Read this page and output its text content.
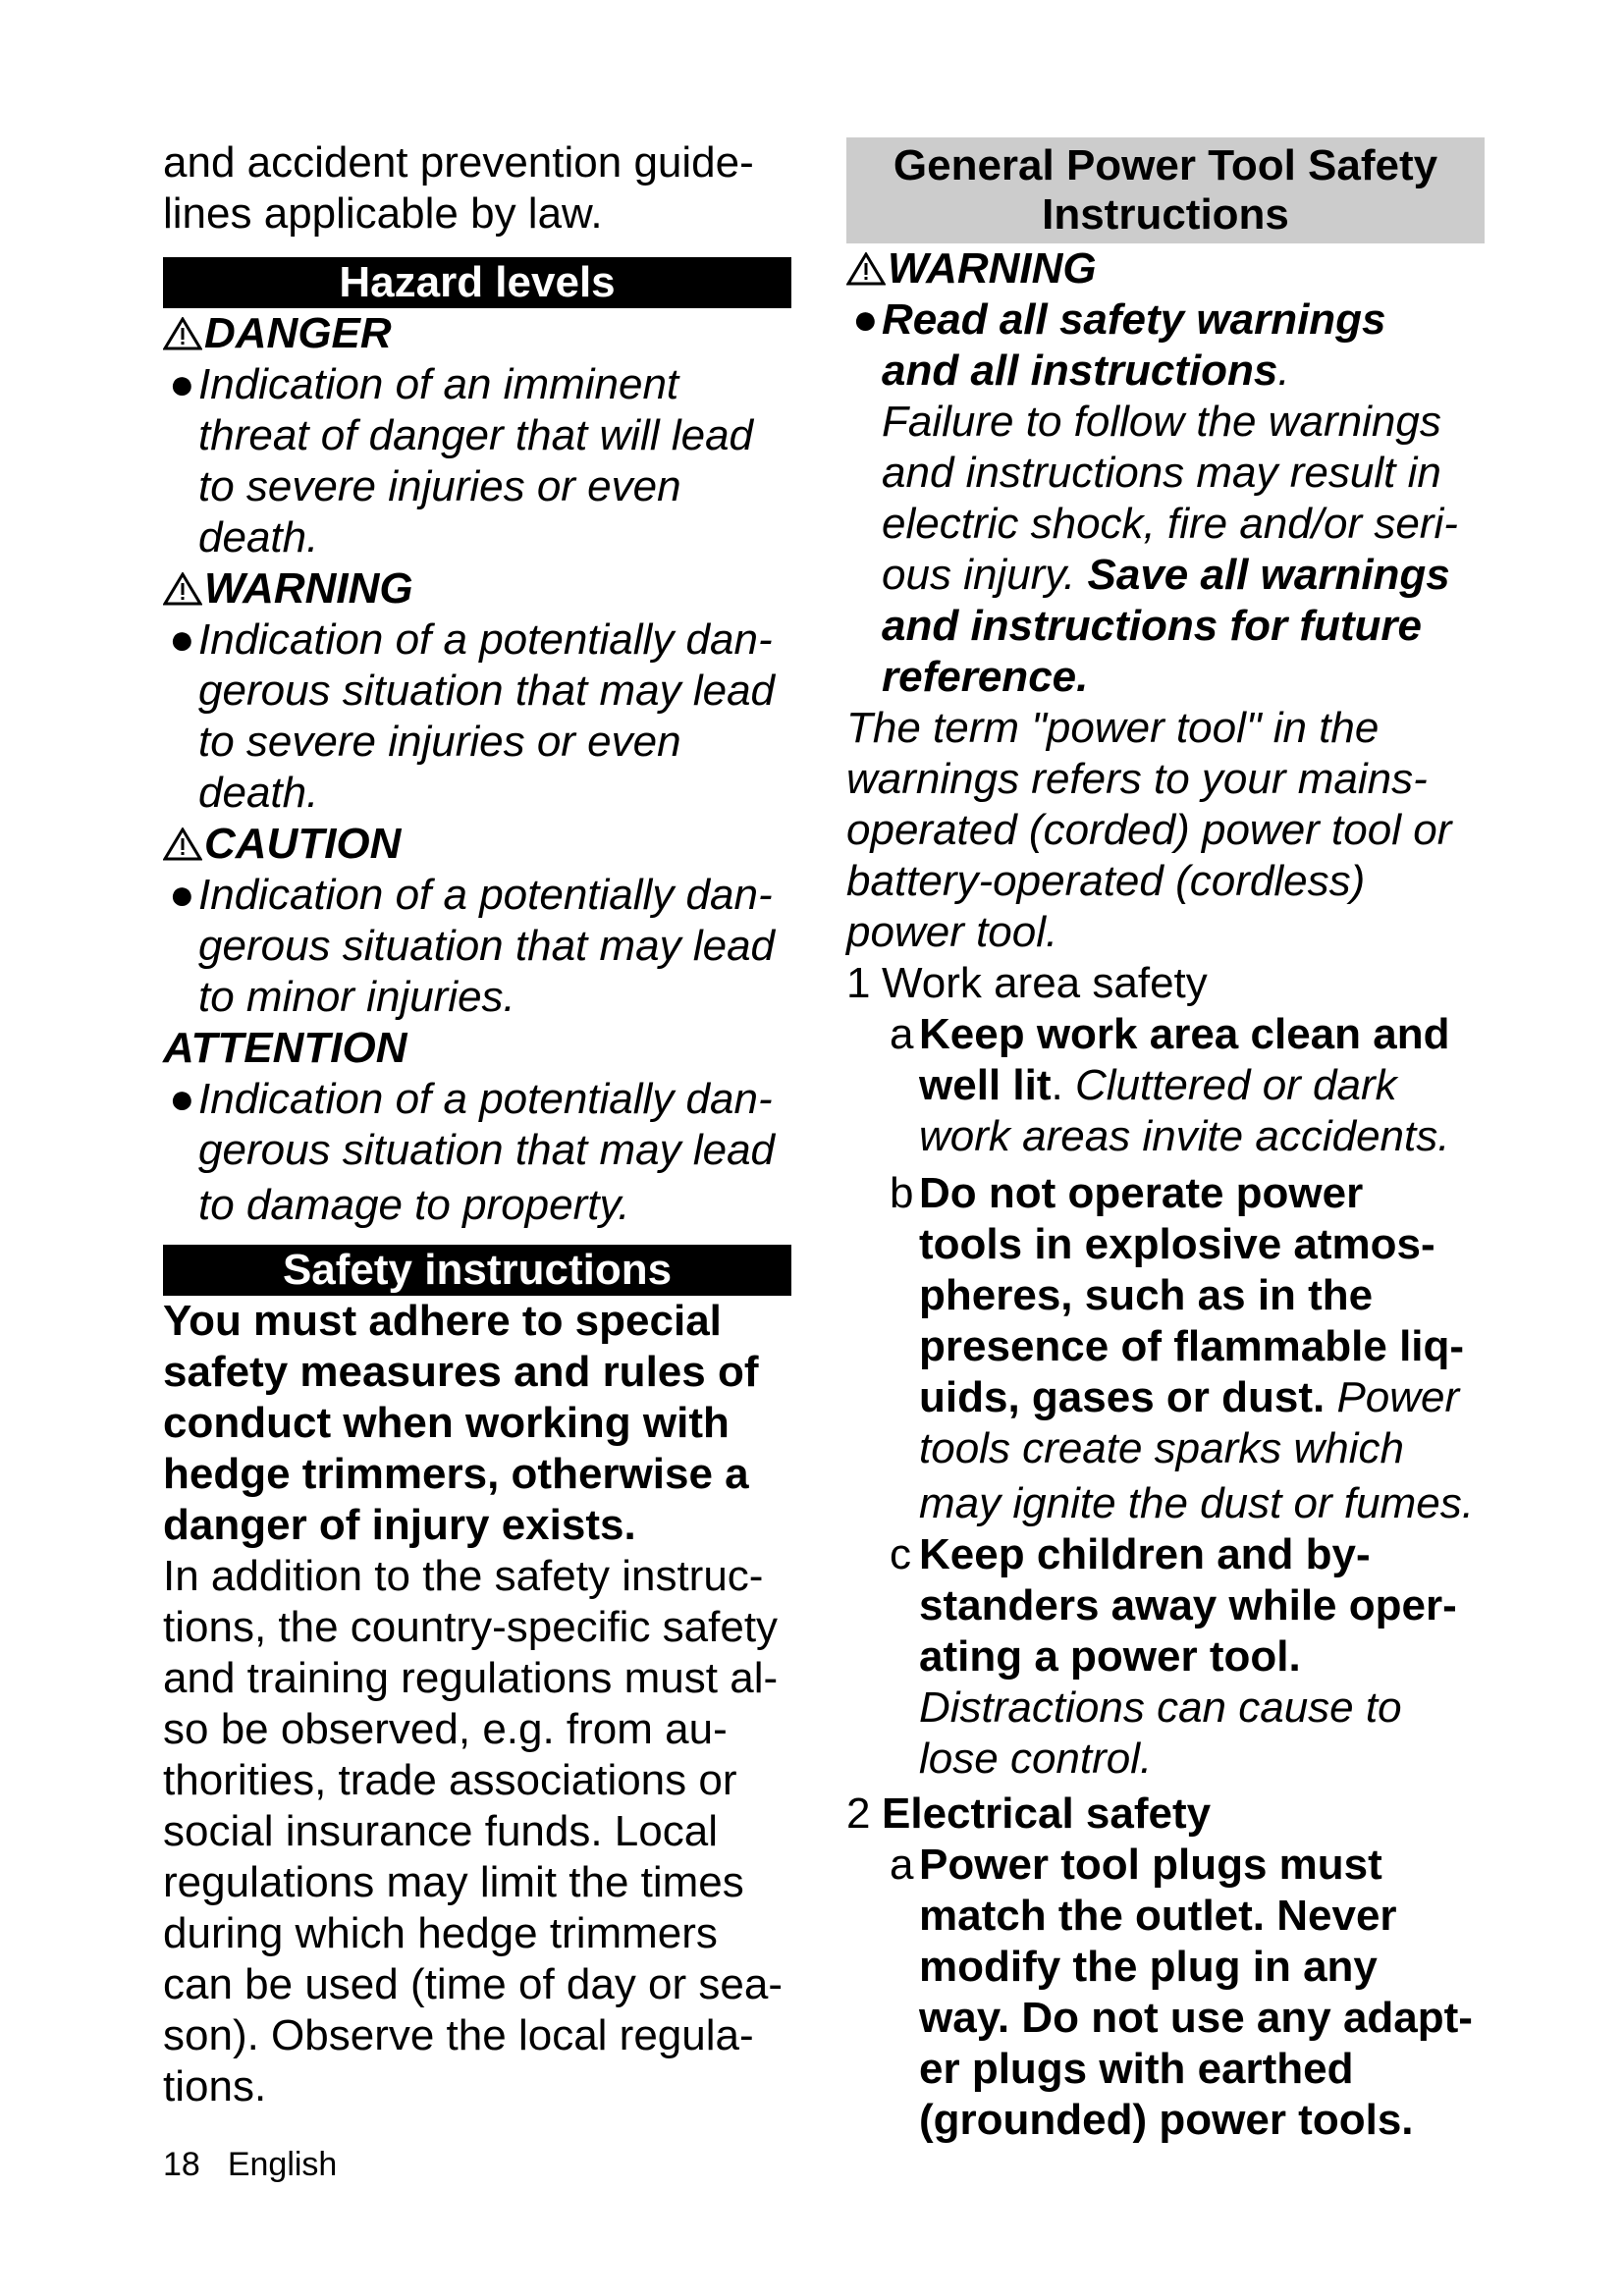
and accident prevention guide-
lines applicable by law.
Hazard levels
DANGER
● Indication of an imminent
threat of danger that will lead
to severe injuries or even
death.
WARNING
● Indication of a potentially dan-
gerous situation that may lead
to severe injuries or even
death.
CAUTION
● Indication of a potentially dan-
gerous situation that may lead
to minor injuries.
ATTENTION
● Indication of a potentially dan-
gerous situation that may lead
to damage to property.
Safety instructions
You must adhere to special
safety measures and rules of
conduct when working with
hedge trimmers, otherwise a
danger of injury exists.
In addition to the safety instruc-
tions, the country-specific safety
and training regulations must al-
so be observed, e.g. from au-
thorities, trade associations or
social insurance funds. Local
regulations may limit the times
during which hedge trimmers
can be used (time of day or sea-
son). Observe the local regula-
tions.
General Power Tool Safety
Instructions
WARNING
● Read all safety warnings
and all instructions.
Failure to follow the warnings
and instructions may result in
electric shock, fire and/or seri-
ous injury. Save all warnings
and instructions for future
reference.
The term "power tool" in the
warnings refers to your mains-
operated (corded) power tool or
battery-operated (cordless)
power tool.
1 Work area safety
a Keep work area clean and
well lit. Cluttered or dark
work areas invite accidents.
b Do not operate power
tools in explosive atmos-
pheres, such as in the
presence of flammable liq-
uids, gases or dust. Power
tools create sparks which
may ignite the dust or fumes.
c Keep children and by-
standers away while oper-
ating a power tool.
Distractions can cause to
lose control.
2 Electrical safety
a Power tool plugs must
match the outlet. Never
modify the plug in any
way. Do not use any adapt-
er plugs with earthed
(grounded) power tools.
18 English
